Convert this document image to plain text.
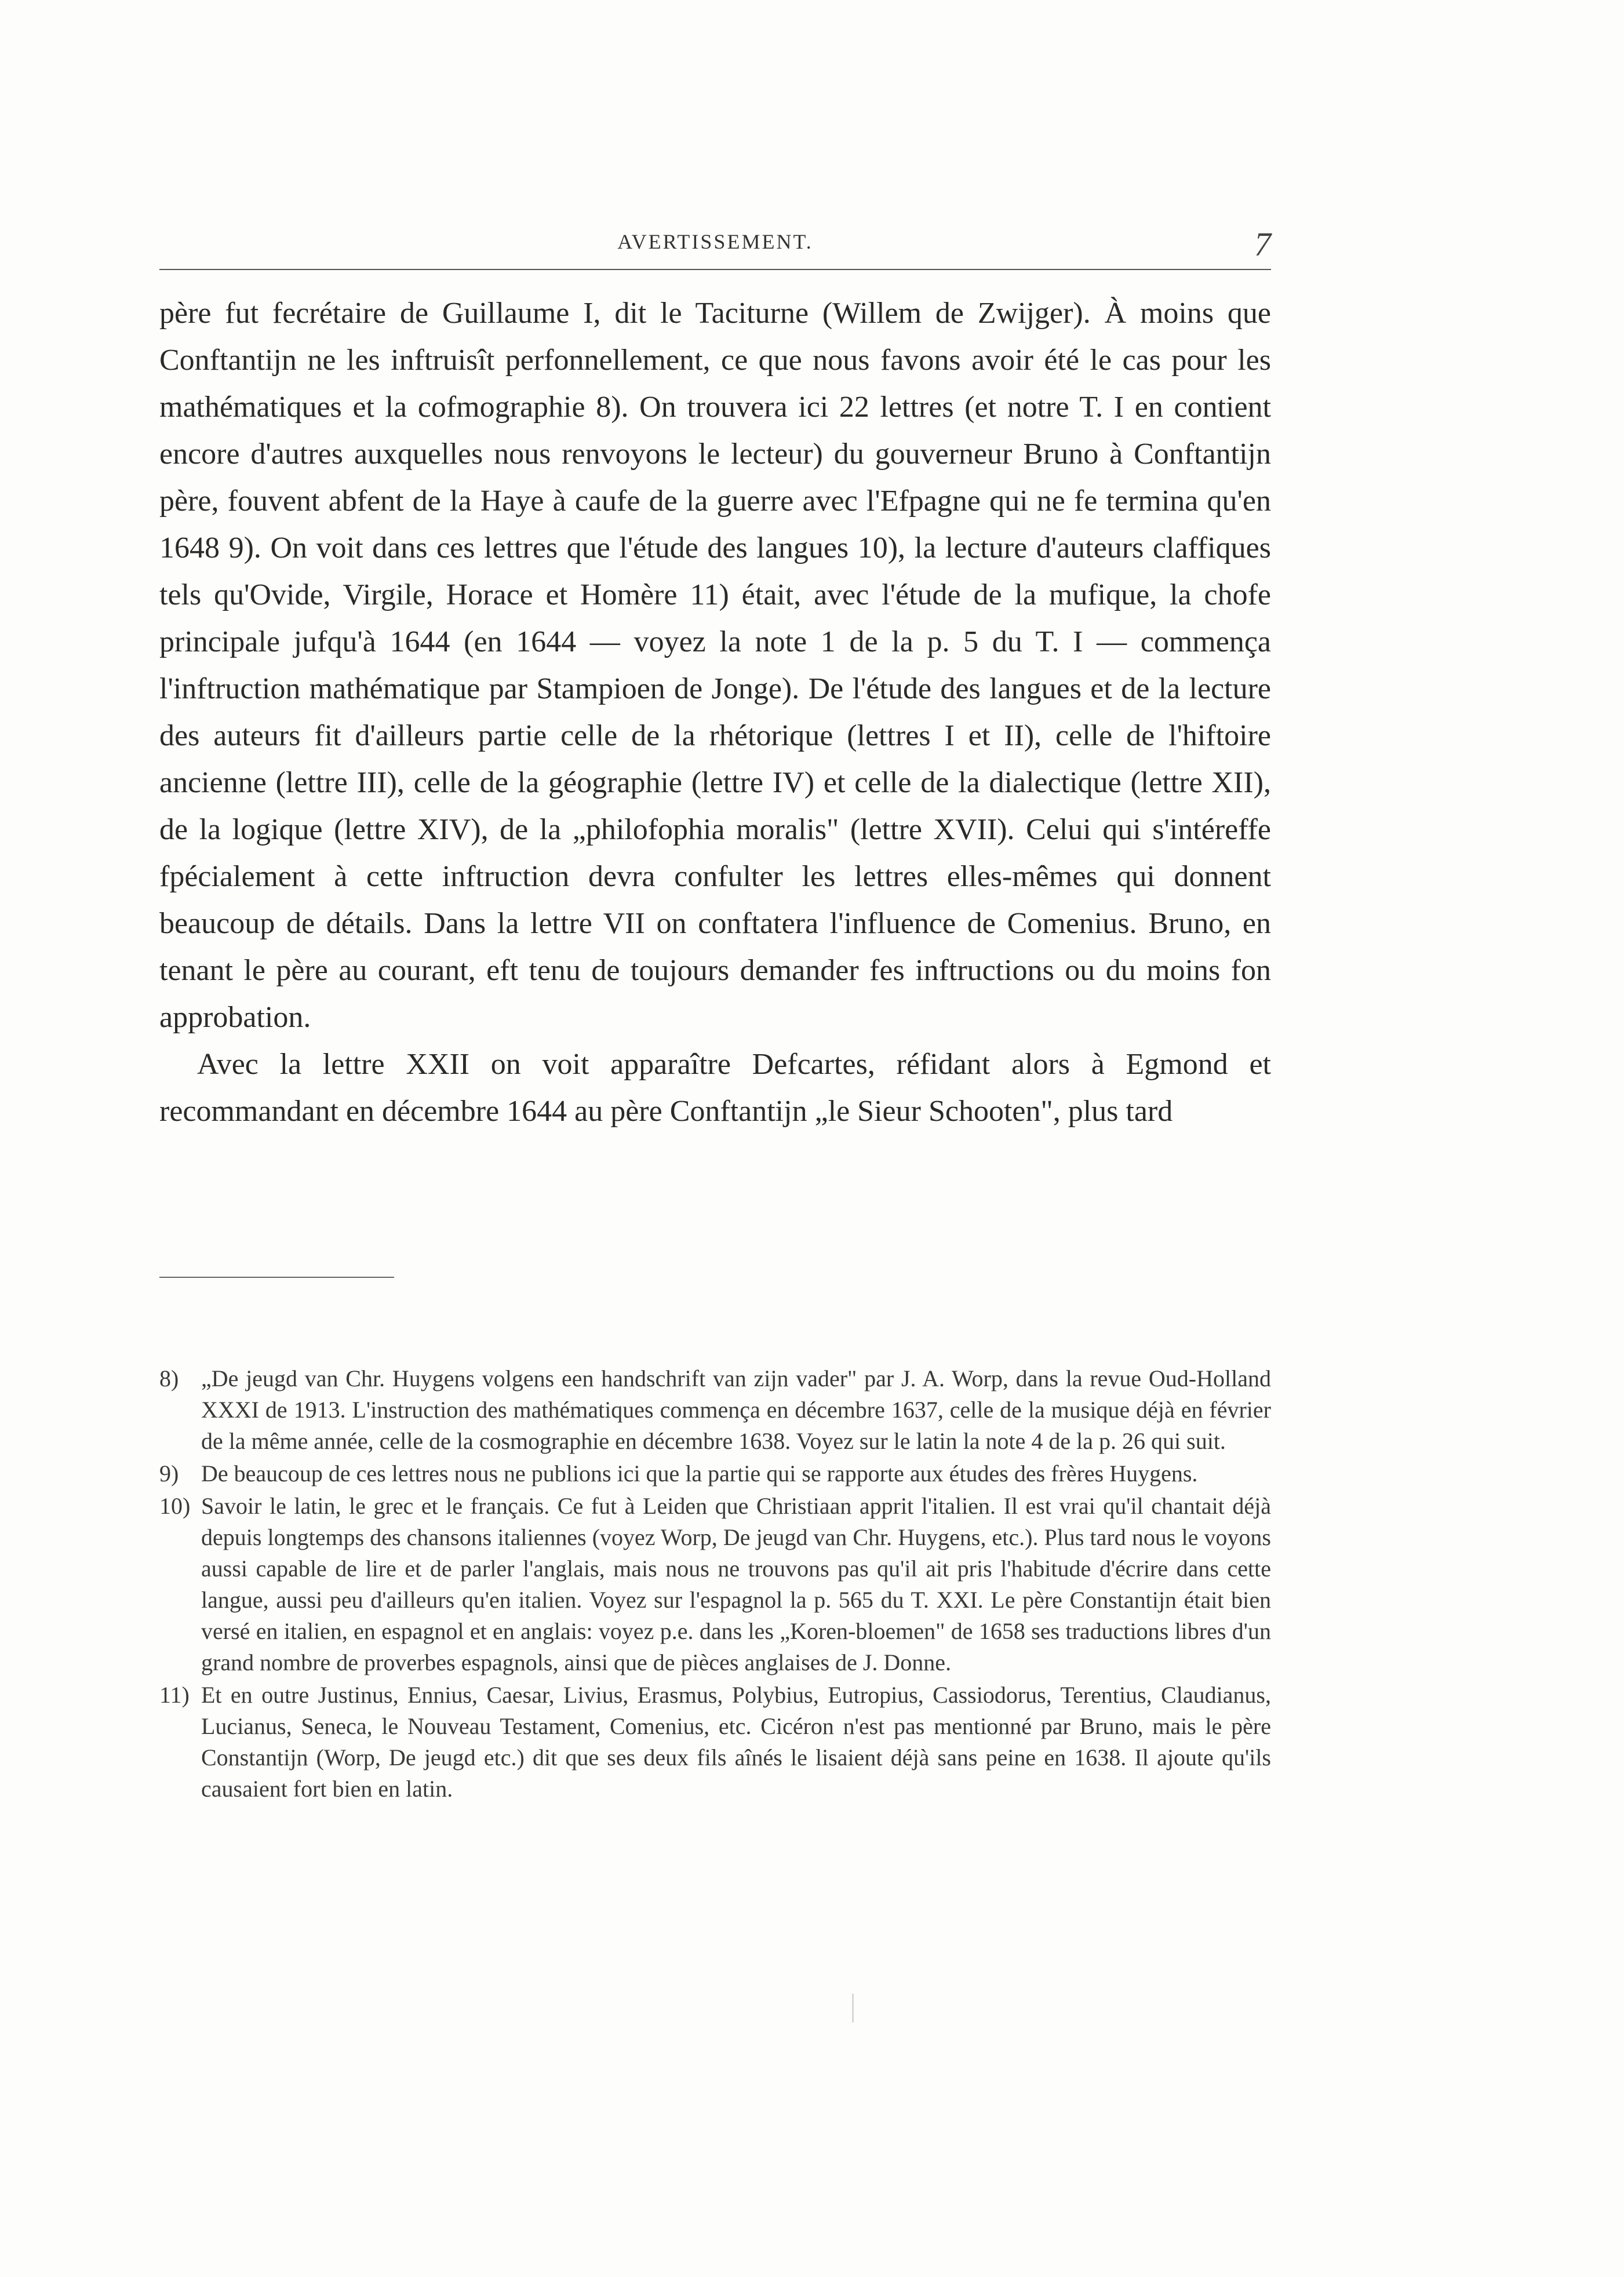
AVERTISSEMENT.	7

père fut fecrétaire de Guillaume I, dit le Taciturne (Willem de Zwijger). À moins que Conftantijn ne les inftruisît perfonnellement, ce que nous favons avoir été le cas pour les mathématiques et la cofmographie 8). On trouvera ici 22 lettres (et notre T. I en contient encore d'autres auxquelles nous renvoyons le lecteur) du gouverneur Bruno à Conftantijn père, fouvent abfent de la Haye à caufe de la guerre avec l'Efpagne qui ne fe termina qu'en 1648 9). On voit dans ces lettres que l'étude des langues 10), la lecture d'auteurs claffiques tels qu'Ovide, Virgile, Horace et Homère 11) était, avec l'étude de la mufique, la chofe principale jufqu'à 1644 (en 1644 — voyez la note 1 de la p. 5 du T. I — commença l'inftruction mathématique par Stampioen de Jonge). De l'étude des langues et de la lecture des auteurs fit d'ailleurs partie celle de la rhétorique (lettres I et II), celle de l'hiftoire ancienne (lettre III), celle de la géographie (lettre IV) et celle de la dialectique (lettre XII), de la logique (lettre XIV), de la „philofophia moralis" (lettre XVII). Celui qui s'intéreffe fpécialement à cette inftruction devra confulter les lettres elles-mêmes qui donnent beaucoup de détails. Dans la lettre VII on conftatera l'influence de Comenius. Bruno, en tenant le père au courant, eft tenu de toujours demander fes inftructions ou du moins fon approbation.

Avec la lettre XXII on voit apparaître Defcartes, réfidant alors à Egmond et recommandant en décembre 1644 au père Conftantijn „le Sieur Schooten", plus tard

8) „De jeugd van Chr. Huygens volgens een handschrift van zijn vader" par J. A. Worp, dans la revue Oud-Holland XXXI de 1913. L'instruction des mathématiques commença en décembre 1637, celle de la musique déjà en février de la même année, celle de la cosmographie en décembre 1638. Voyez sur le latin la note 4 de la p. 26 qui suit.
9) De beaucoup de ces lettres nous ne publions ici que la partie qui se rapporte aux études des frères Huygens.
10) Savoir le latin, le grec et le français. Ce fut à Leiden que Christiaan apprit l'italien. Il est vrai qu'il chantait déjà depuis longtemps des chansons italiennes (voyez Worp, De jeugd van Chr. Huygens, etc.). Plus tard nous le voyons aussi capable de lire et de parler l'anglais, mais nous ne trouvons pas qu'il ait pris l'habitude d'écrire dans cette langue, aussi peu d'ailleurs qu'en italien. Voyez sur l'espagnol la p. 565 du T. XXI. Le père Constantijn était bien versé en italien, en espagnol et en anglais: voyez p.e. dans les „Koren-bloemen" de 1658 ses traductions libres d'un grand nombre de proverbes espagnols, ainsi que de pièces anglaises de J. Donne.
11) Et en outre Justinus, Ennius, Caesar, Livius, Erasmus, Polybius, Eutropius, Cassiodorus, Terentius, Claudianus, Lucianus, Seneca, le Nouveau Testament, Comenius, etc. Cicéron n'est pas mentionné par Bruno, mais le père Constantijn (Worp, De jeugd etc.) dit que ses deux fils aînés le lisaient déjà sans peine en 1638. Il ajoute qu'ils causaient fort bien en latin.
